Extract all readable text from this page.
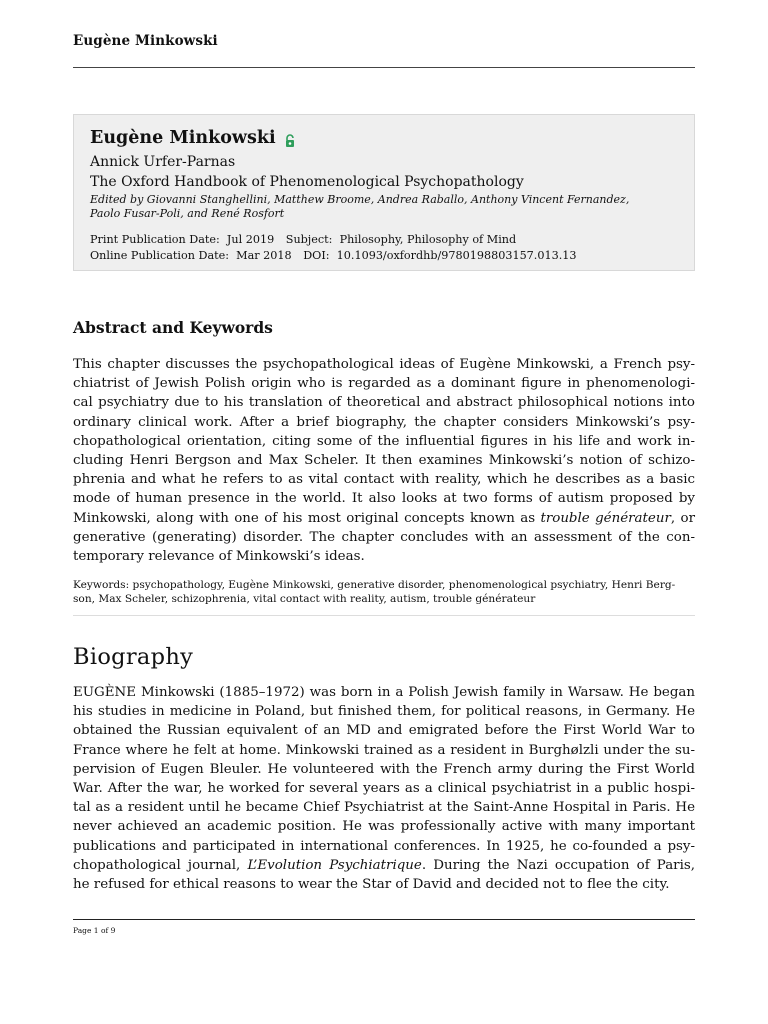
Eugène Minkowski
Eugène Minkowski
Annick Urfer-Parnas
The Oxford Handbook of Phenomenological Psychopathology
Edited by Giovanni Stanghellini, Matthew Broome, Andrea Raballo, Anthony Vincent Fernandez,
Paolo Fusar-Poli, and René Rosfort
Print Publication Date: Jul 2019 Subject: Philosophy, Philosophy of Mind
Online Publication Date: Mar 2018 DOI: 10.1093/oxfordhb/9780198803157.013.13
Abstract and Keywords
This chapter discusses the psychopathological ideas of Eugène Minkowski, a French psy-
chiatrist of Jewish Polish origin who is regarded as a dominant figure in phenomenologi-
cal psychiatry due to his translation of theoretical and abstract philosophical notions into
ordinary clinical work. After a brief biography, the chapter considers Minkowski’s psy-
chopathological orientation, citing some of the influential figures in his life and work in-
cluding Henri Bergson and Max Scheler. It then examines Minkowski’s notion of schizo-
phrenia and what he refers to as vital contact with reality, which he describes as a basic
mode of human presence in the world. It also looks at two forms of autism proposed by
Minkowski, along with one of his most original concepts known as trouble générateur, or
generative (generating) disorder. The chapter concludes with an assessment of the con-
temporary relevance of Minkowski’s ideas.
Keywords: psychopathology, Eugène Minkowski, generative disorder, phenomenological psychiatry, Henri Berg-
son, Max Scheler, schizophrenia, vital contact with reality, autism, trouble générateur
Biography
EUGÈNE Minkowski (1885–1972) was born in a Polish Jewish family in Warsaw. He began
his studies in medicine in Poland, but finished them, for political reasons, in Germany. He
obtained the Russian equivalent of an MD and emigrated before the First World War to
France where he felt at home. Minkowski trained as a resident in Burghølzli under the su-
pervision of Eugen Bleuler. He volunteered with the French army during the First World
War. After the war, he worked for several years as a clinical psychiatrist in a public hospi-
tal as a resident until he became Chief Psychiatrist at the Saint-Anne Hospital in Paris. He
never achieved an academic position. He was professionally active with many important
publications and participated in international conferences. In 1925, he co-founded a psy-
chopathological journal, L’Evolution Psychiatrique. During the Nazi occupation of Paris,
he refused for ethical reasons to wear the Star of David and decided not to flee the city.
Page 1 of 9
